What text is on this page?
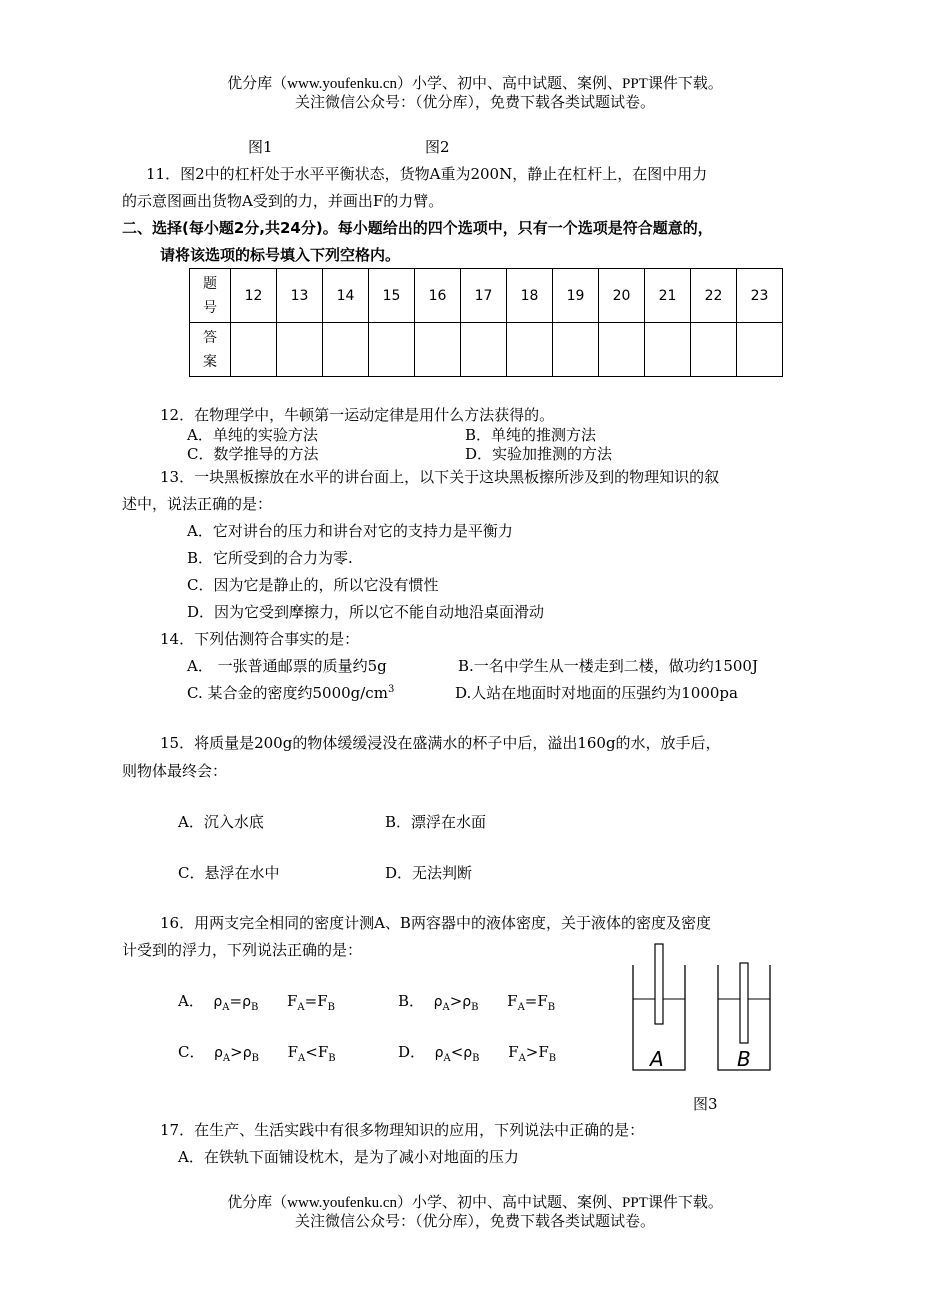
优分库（www.youfenku.cn）小学、初中、高中试题、案例、PPT课件下载。
关注微信公众号：（优分库），免费下载各类试题试卷。
图1	图2
11．图2中的杠杆处于水平平衡状态，货物A重为200N，静止在杠杆上，在图中用力
的示意图画出货物A受到的力，并画出F的力臂。
二、选择(每小题2分,共24分)。每小题给出的四个选项中，只有一个选项是符合题意的，
请将该选项的标号填入下列空格内。
题
号	12	13	14	15	16	17	18	19	20	21	22	23

答
案												

12．在物理学中，牛顿第一运动定律是用什么方法获得的。
A．单纯的实验方法	B．单纯的推测方法
C．数学推导的方法	D．实验加推测的方法
13．一块黑板擦放在水平的讲台面上，以下关于这块黑板擦所涉及到的物理知识的叙
述中，说法正确的是：
A．它对讲台的压力和讲台对它的支持力是平衡力
B．它所受到的合力为零.
C．因为它是静止的，所以它没有惯性
D．因为它受到摩擦力，所以它不能自动地沿桌面滑动
14．下列估测符合事实的是：
A． 一张普通邮票的质量约5g	B.一名中学生从一楼走到二楼，做功约1500J
C. 某合金的密度约$5000g/cm^3$	D.人站在地面时对地面的压强约为1000pa
15．将质量是200g的物体缓缓浸没在盛满水的杯子中后，溢出160g的水，放手后，
则物体最终会：
A．沉入水底	B．漂浮在水面
C．悬浮在水中	D．无法判断
16．用两支完全相同的密度计测A、B两容器中的液体密度，关于液体的密度及密度
计受到的浮力，下列说法正确的是：
A． $\rho_A=\rho_B$ $F_A=F_B$	B． $\rho_A>\rho_B$ $F_A=F_B$
C． $\rho_A>\rho_B$ $F_A<F_B$	D． $\rho_A<\rho_B$ $F_A>F_B$	A	B
图3
17．在生产、生活实践中有很多物理知识的应用，下列说法中正确的是：
A．在铁轨下面铺设枕木，是为了减小对地面的压力
优分库（www.youfenku.cn）小学、初中、高中试题、案例、PPT课件下载。
关注微信公众号：（优分库），免费下载各类试题试卷。
